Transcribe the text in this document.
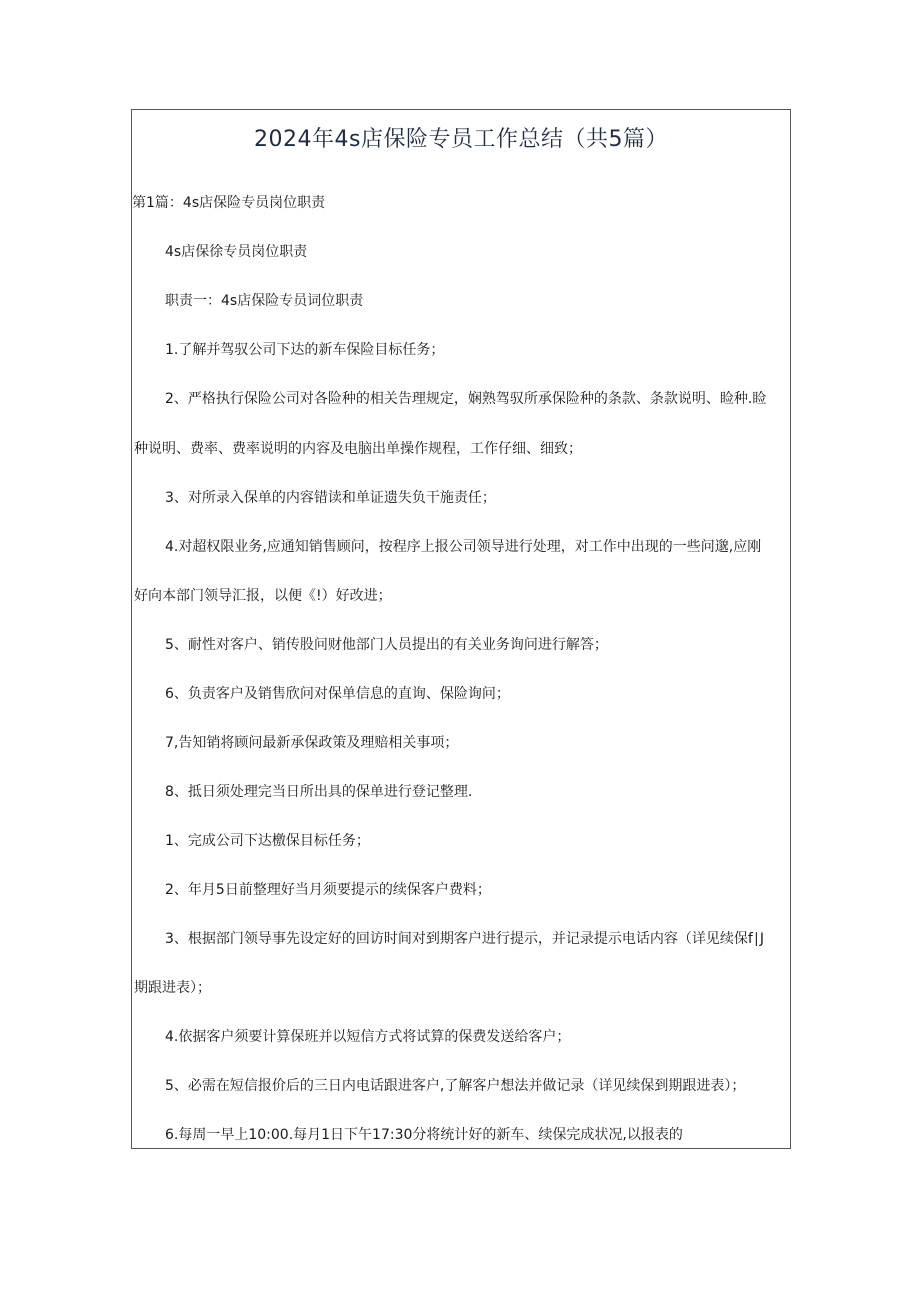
2024年4s店保险专员工作总结（共5篇）

第1篇：4s店保险专员岗位职责

4s店保徐专员岗位职责

职责一：4s店保险专员词位职责

1.了解并驾驭公司下达的新车保险目标任务；

2、严格执行保险公司对各险种的相关告理规定，娴熟驾驭所承保险种的条款、条款说明、睑种.睑

种说明、费率、费率说明的内容及电脑出单操作规程，工作仔细、细致；

3、对所录入保单的内容错读和单证遗失负干施责任；

4.对超权限业务,应通知销售顾问，按程序上报公司领导进行处理，对工作中出现的一些问邈,应刚

好向本部门领导汇报，以便《!）好改进；

5、耐性对客户、销传股问财他部门人员提出的有关业务询问进行解答；

6、负责客户及销售欣问对保单信息的直询、保险询问；

7,告知销将顾问最新承保政策及理赔相关事项；

8、抵日须处理完当日所出具的保单进行登记整理.

1、完成公司下达檄保目标任务；

2、年月5日前整理好当月须要提示的续保客户费料；

3、根据部门领导事先设定好的回访时间对到期客户进行提示，并记录提示电话内容（详见续保f∣J

期跟进表）；

4.依据客户须要计算保班并以短信方式将试算的保费发送给客户；

5、必需在短信报价后的三日内电话跟进客户,了解客户想法并做记录（详见续保到期跟进表）；

6.每周一早上10:00.每月1日下午17:30分将统计好的新车、续保完成状况,以报表的
